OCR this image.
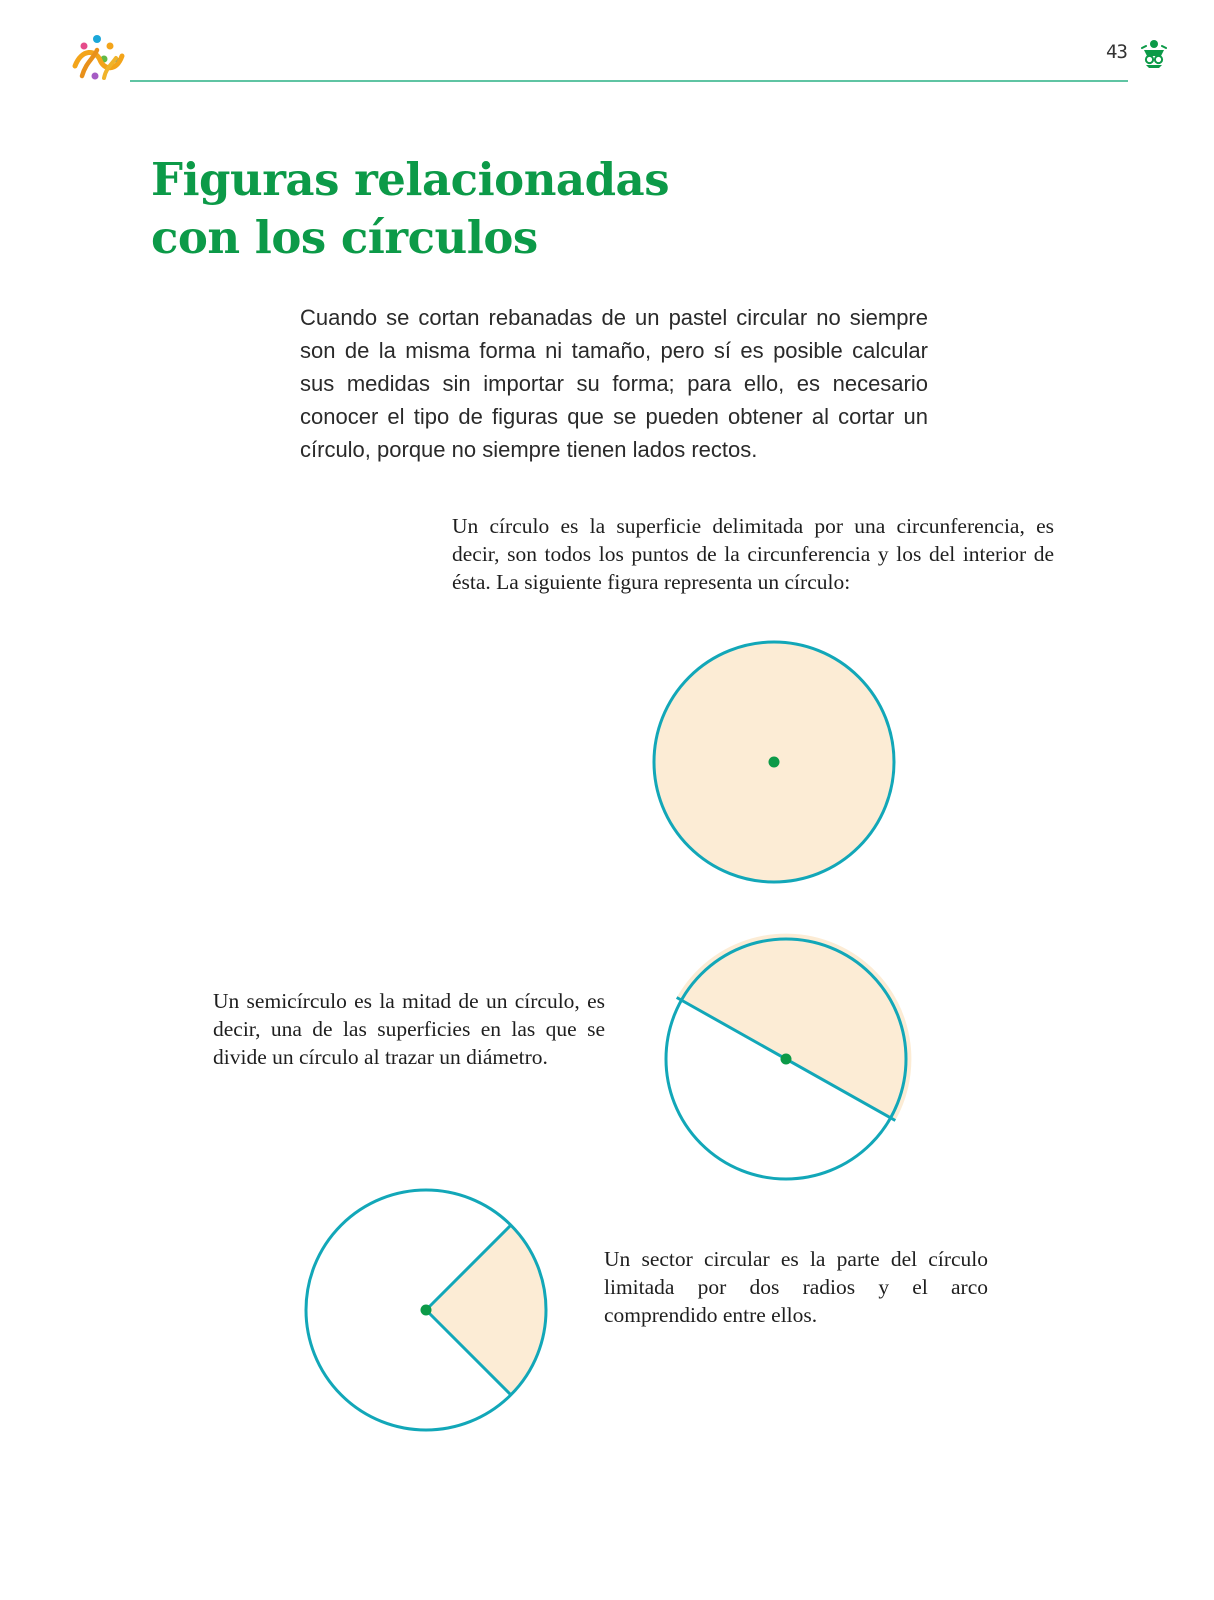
43
Figuras relacionadas
con los círculos

Cuando se cortan rebanadas de un pastel circular no siempre son de la misma forma ni tamaño, pero sí es posible calcular sus medidas sin importar su forma; para ello, es necesario conocer el tipo de figuras que se pueden obtener al cortar un círculo, porque no siempre tienen lados rectos.

Un círculo es la superficie delimitada por una circunferencia, es decir, son todos los puntos de la circunferencia y los del interior de ésta. La siguiente figura representa un círculo:

Un semicírculo es la mitad de un círculo, es decir, una de las superficies en las que se divide un círculo al trazar un diámetro.

Un sector circular es la parte del círculo limitada por dos radios y el arco comprendido entre ellos.
